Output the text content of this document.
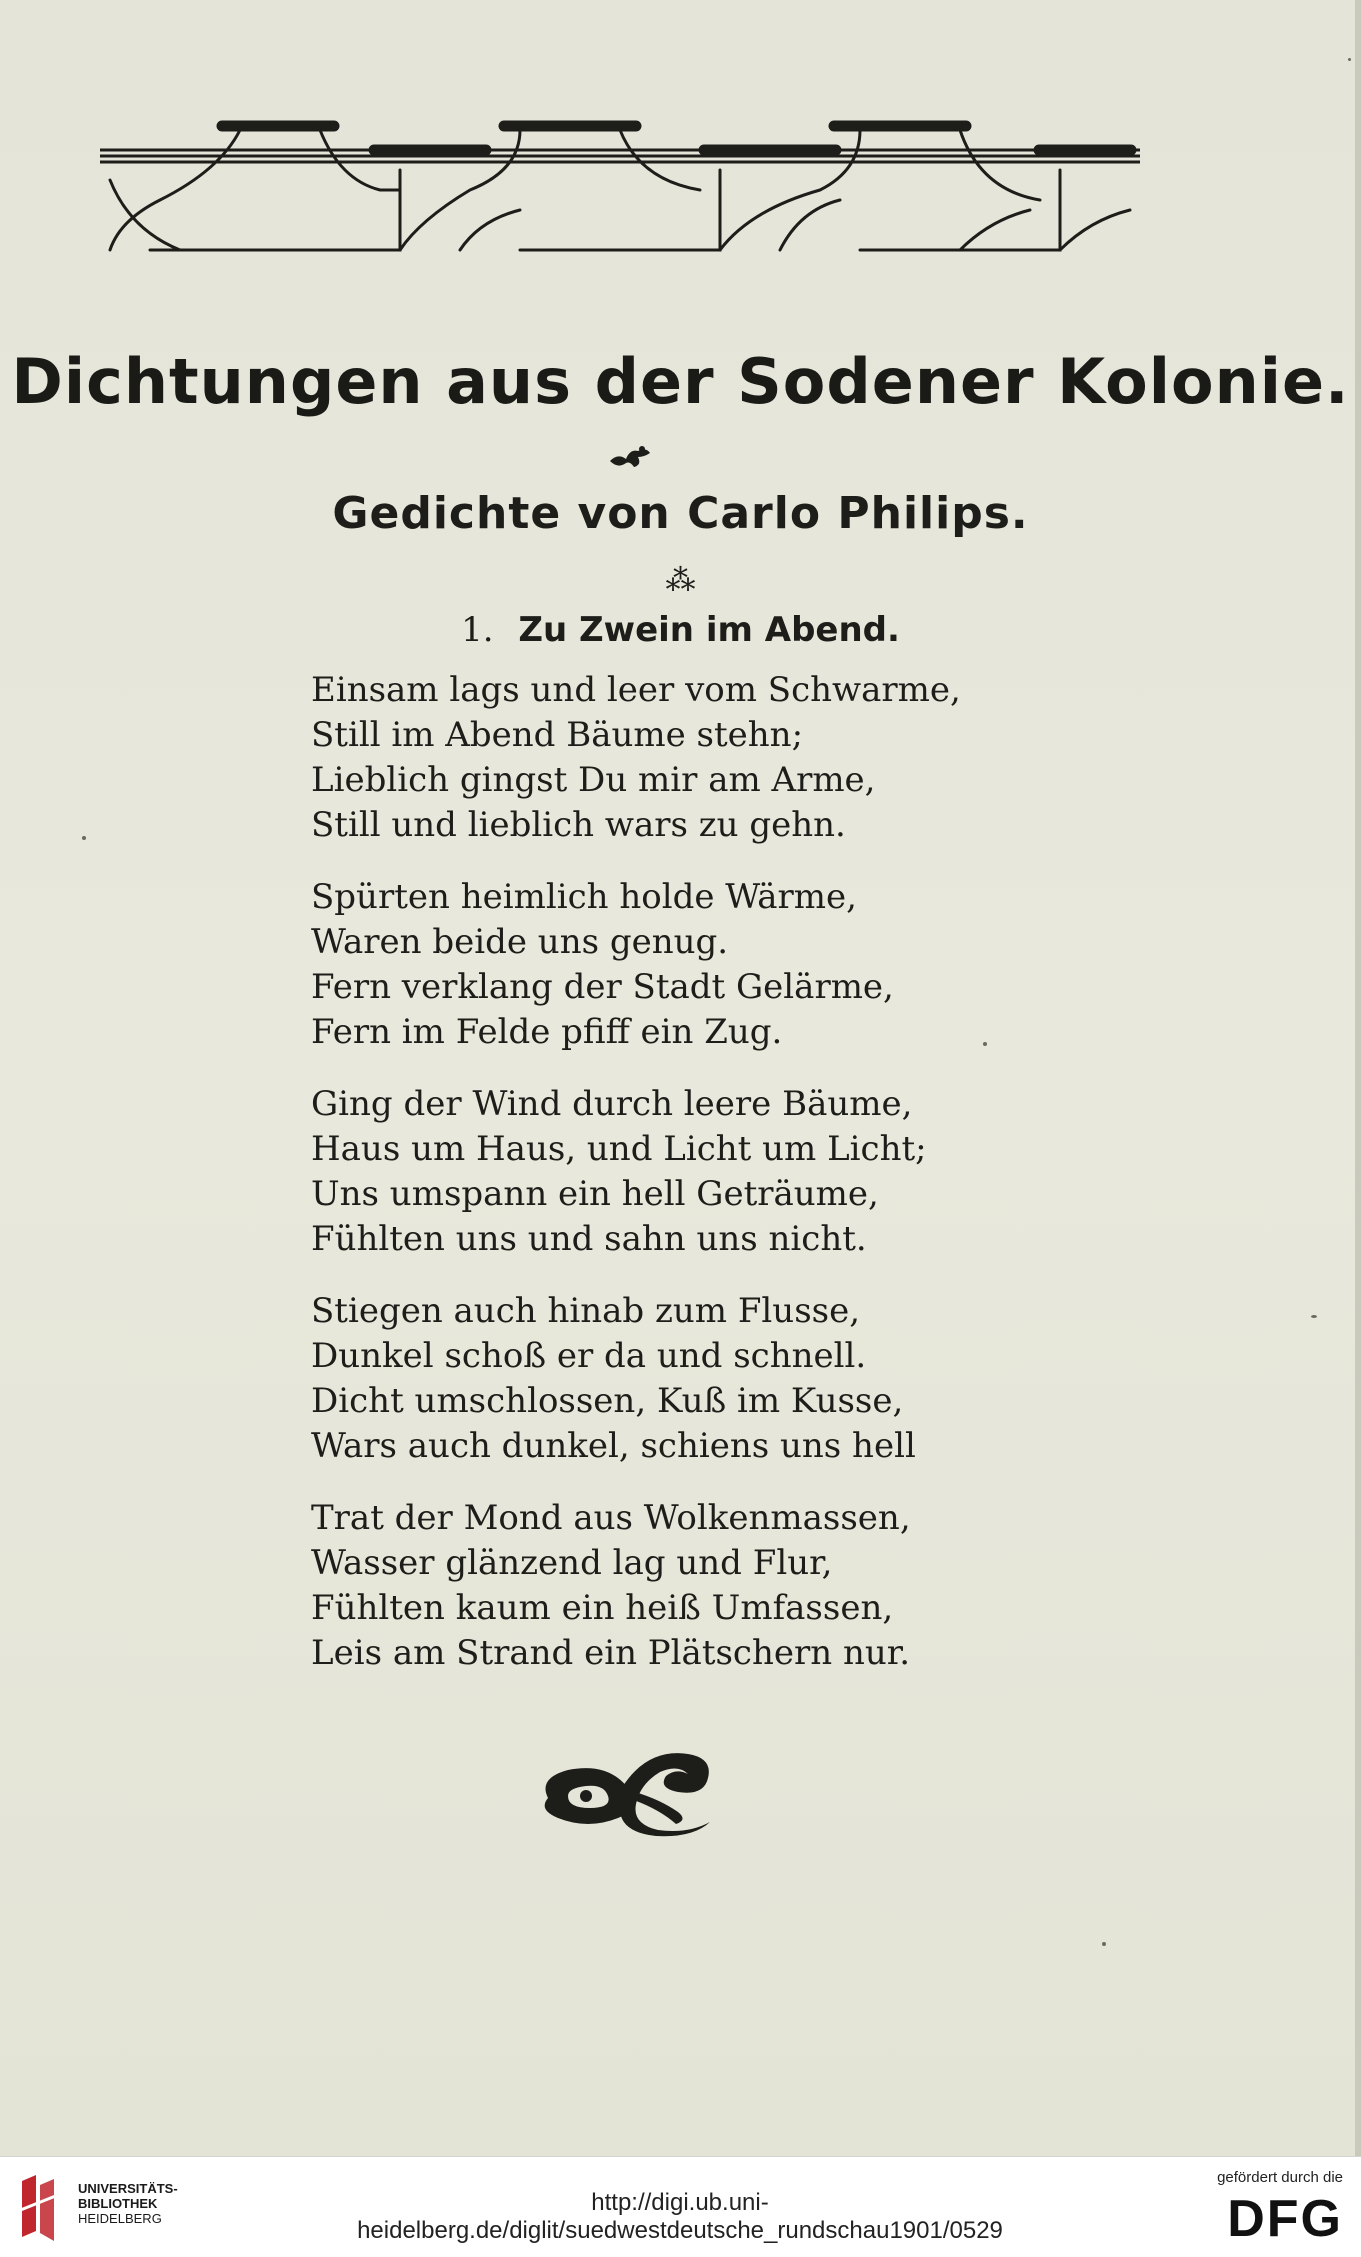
Dichtungen aus der Sodener Kolonie.
Gedichte von Carlo Philips.
⁂
1. Zu Zwein im Abend.
Einsam lags und leer vom Schwarme,
Still im Abend Bäume stehn;
Lieblich gingst Du mir am Arme,
Still und lieblich wars zu gehn.
Spürten heimlich holde Wärme,
Waren beide uns genug.
Fern verklang der Stadt Gelärme,
Fern im Felde pfiff ein Zug.
Ging der Wind durch leere Bäume,
Haus um Haus, und Licht um Licht;
Uns umspann ein hell Geträume,
Fühlten uns und sahn uns nicht.
Stiegen auch hinab zum Flusse,
Dunkel schoß er da und schnell.
Dicht umschlossen, Kuß im Kusse,
Wars auch dunkel, schiens uns hell
Trat der Mond aus Wolkenmassen,
Wasser glänzend lag und Flur,
Fühlten kaum ein heiß Umfassen,
Leis am Strand ein Plätschern nur.
UNIVERSITÄTS-
BIBLIOTHEK
HEIDELBERG
http://digi.ub.uni-heidelberg.de/diglit/suedwestdeutsche_rundschau1901/0529
gefördert durch die
DFG
